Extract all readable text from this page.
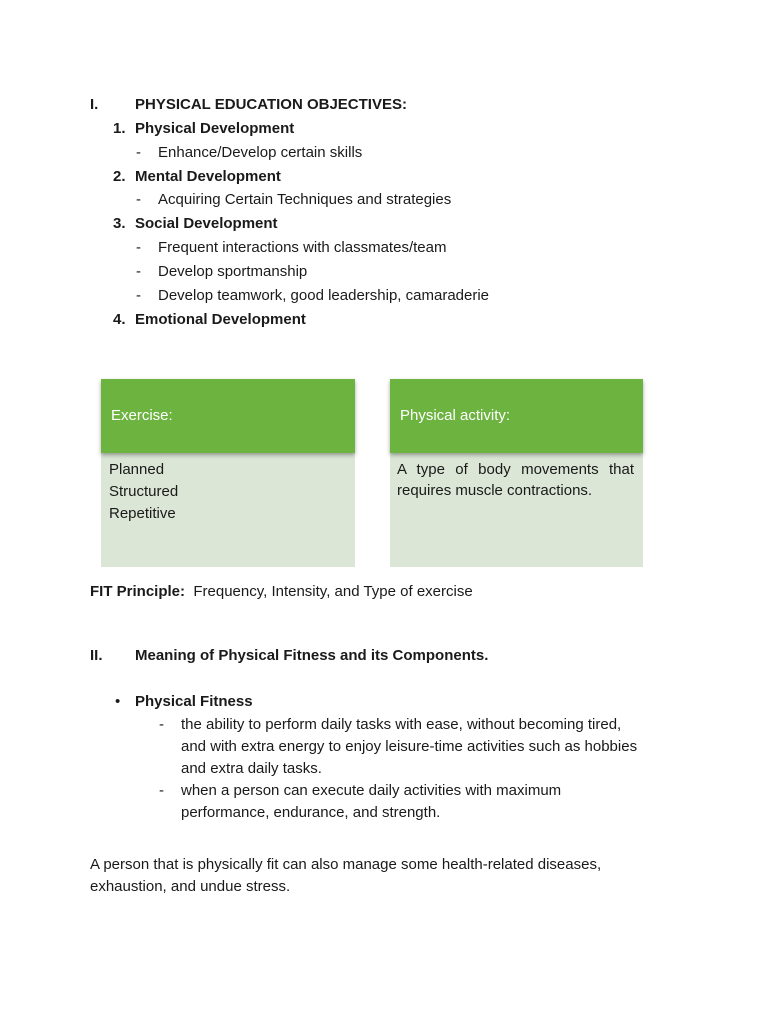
I. PHYSICAL EDUCATION OBJECTIVES:
1. Physical Development
- Enhance/Develop certain skills
2. Mental Development
- Acquiring Certain Techniques and strategies
3. Social Development
- Frequent interactions with classmates/team
- Develop sportmanship
- Develop teamwork, good leadership, camaraderie
4. Emotional Development
Planned
Structured
Repetitive
Exercise:
A type of body movements that requires muscle contractions.
Physical activity:
FIT Principle: Frequency, Intensity, and Type of exercise
II. Meaning of Physical Fitness and its Components.
• Physical Fitness
- the ability to perform daily tasks with ease, without becoming tired,
and with extra energy to enjoy leisure-time activities such as hobbies
and extra daily tasks.
- when a person can execute daily activities with maximum
performance, endurance, and strength.
A person that is physically fit can also manage some health-related diseases,
exhaustion, and undue stress.
